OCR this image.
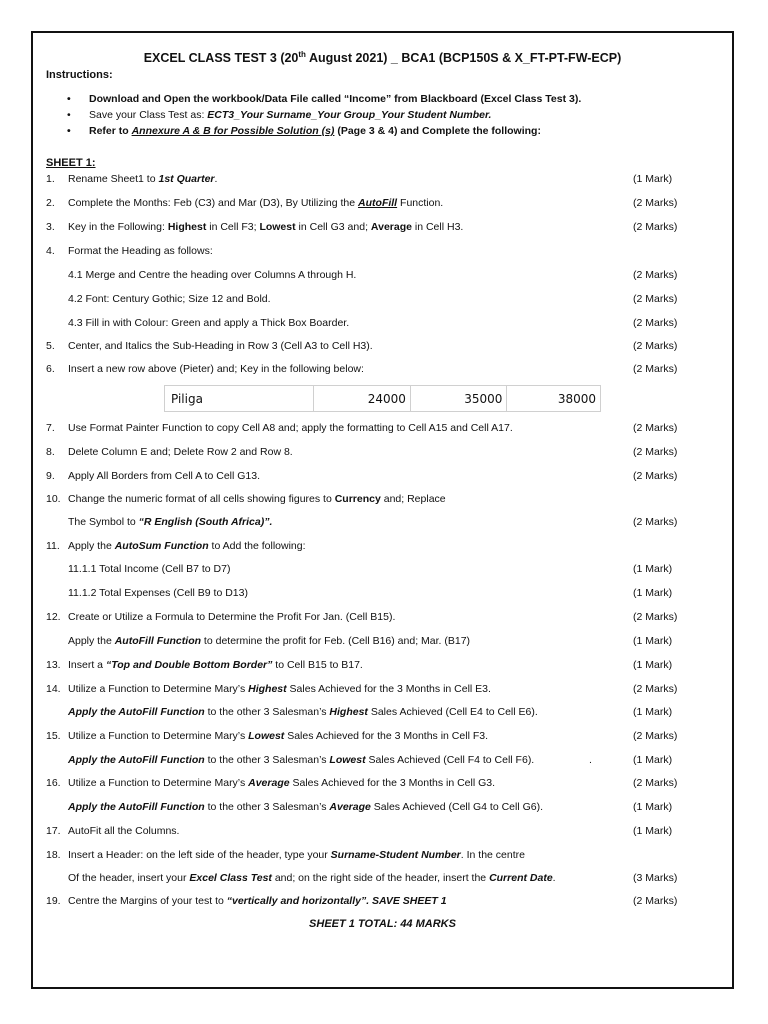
EXCEL CLASS TEST 3 (20th August 2021) _ BCA1 (BCP150S & X_FT-PT-FW-ECP)
Instructions:
• Download and Open the workbook/Data File called “Income” from Blackboard (Excel Class Test 3).
• Save your Class Test as: ECT3_Your Surname_Your Group_Your Student Number.
• Refer to Annexure A & B for Possible Solution (s) (Page 3 & 4) and Complete the following:
SHEET 1:
1. Rename Sheet1 to 1st Quarter.	(1 Mark)
2. Complete the Months: Feb (C3) and Mar (D3), By Utilizing the AutoFill Function.	(2 Marks)
3. Key in the Following: Highest in Cell F3; Lowest in Cell G3 and; Average in Cell H3.	(2 Marks)
4. Format the Heading as follows:
4.1 Merge and Centre the heading over Columns A through H.	(2 Marks)
4.2 Font: Century Gothic; Size 12 and Bold.	(2 Marks)
4.3 Fill in with Colour: Green and apply a Thick Box Boarder.	(2 Marks)
5. Center, and Italics the Sub-Heading in Row 3 (Cell A3 to Cell H3).	(2 Marks)
6. Insert a new row above (Pieter) and; Key in the following below:	(2 Marks)
Piliga	24000	35000	38000
7. Use Format Painter Function to copy Cell A8 and; apply the formatting to Cell A15 and Cell A17.	(2 Marks)
8. Delete Column E and; Delete Row 2 and Row 8.	(2 Marks)
9. Apply All Borders from Cell A to Cell G13.	(2 Marks)
10. Change the numeric format of all cells showing figures to Currency and; Replace
The Symbol to “R English (South Africa)”.	(2 Marks)
11. Apply the AutoSum Function to Add the following:
11.1.1 Total Income (Cell B7 to D7)	(1 Mark)
11.1.2 Total Expenses (Cell B9 to D13)	(1 Mark)
12. Create or Utilize a Formula to Determine the Profit For Jan. (Cell B15).	(2 Marks)
Apply the AutoFill Function to determine the profit for Feb. (Cell B16) and; Mar. (B17)	(1 Mark)
13. Insert a “Top and Double Bottom Border” to Cell B15 to B17.	(1 Mark)
14. Utilize a Function to Determine Mary’s Highest Sales Achieved for the 3 Months in Cell E3.	(2 Marks)
Apply the AutoFill Function to the other 3 Salesman’s Highest Sales Achieved (Cell E4 to Cell E6).	(1 Mark)
15. Utilize a Function to Determine Mary’s Lowest Sales Achieved for the 3 Months in Cell F3.	(2 Marks)
Apply the AutoFill Function to the other 3 Salesman’s Lowest Sales Achieved (Cell F4 to Cell F6).	.	(1 Mark)
16. Utilize a Function to Determine Mary’s Average Sales Achieved for the 3 Months in Cell G3.	(2 Marks)
Apply the AutoFill Function to the other 3 Salesman’s Average Sales Achieved (Cell G4 to Cell G6).	(1 Mark)
17. AutoFit all the Columns.	(1 Mark)
18. Insert a Header: on the left side of the header, type your Surname-Student Number. In the centre
Of the header, insert your Excel Class Test and; on the right side of the header, insert the Current Date.	(3 Marks)
19. Centre the Margins of your test to “vertically and horizontally”. SAVE SHEET 1	(2 Marks)
SHEET 1 TOTAL: 44 MARKS
